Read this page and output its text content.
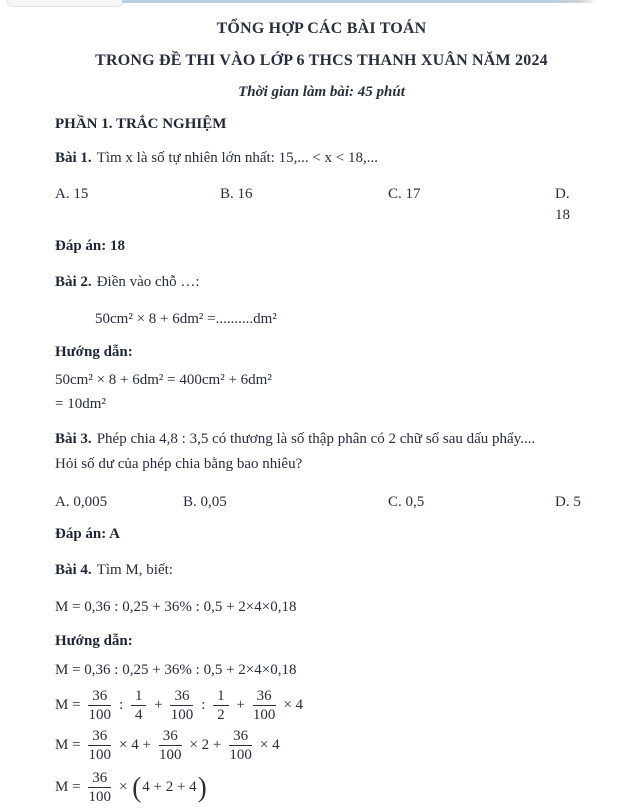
TỔNG HỢP CÁC BÀI TOÁN
TRONG ĐỀ THI VÀO LỚP 6 THCS THANH XUÂN NĂM 2024
Thời gian làm bài: 45 phút
PHẦN 1. TRẮC NGHIỆM

Bài 1. Tìm x là số tự nhiên lớn nhất: 15,... < x < 18,...

A. 15	B. 16	C. 17	D. 18

Đáp án: 18

Bài 2. Điền vào chỗ …:

50cm² × 8 + 6dm² =..........dm²
Hướng dẫn:
50cm² × 8 + 6dm² = 400cm² + 6dm²
= 10dm²

Bài 3. Phép chia 4,8 : 3,5 có thương là số thập phân có 2 chữ số sau dấu phẩy....
Hỏi số dư của phép chia bằng bao nhiêu?

A. 0,005	B. 0,05	C. 0,5	D. 5

Đáp án: A

Bài 4. Tìm M, biết:

M = 0,36 : 0,25 + 36% : 0,5 + 2×4×0,18
Hướng dẫn:
M = 0,36 : 0,25 + 36% : 0,5 + 2×4×0,18
$M = \frac{36}{100}$ : $\frac{1}{4} + \frac{36}{100}$ : $\frac{1}{2} + \frac{36}{100} \times 4$
$M = \frac{36}{100} \times 4 + \frac{36}{100} \times 2 + \frac{36}{100} \times 4$
$M = \frac{36}{100}$ × ( 4 + 2 + 4 )
